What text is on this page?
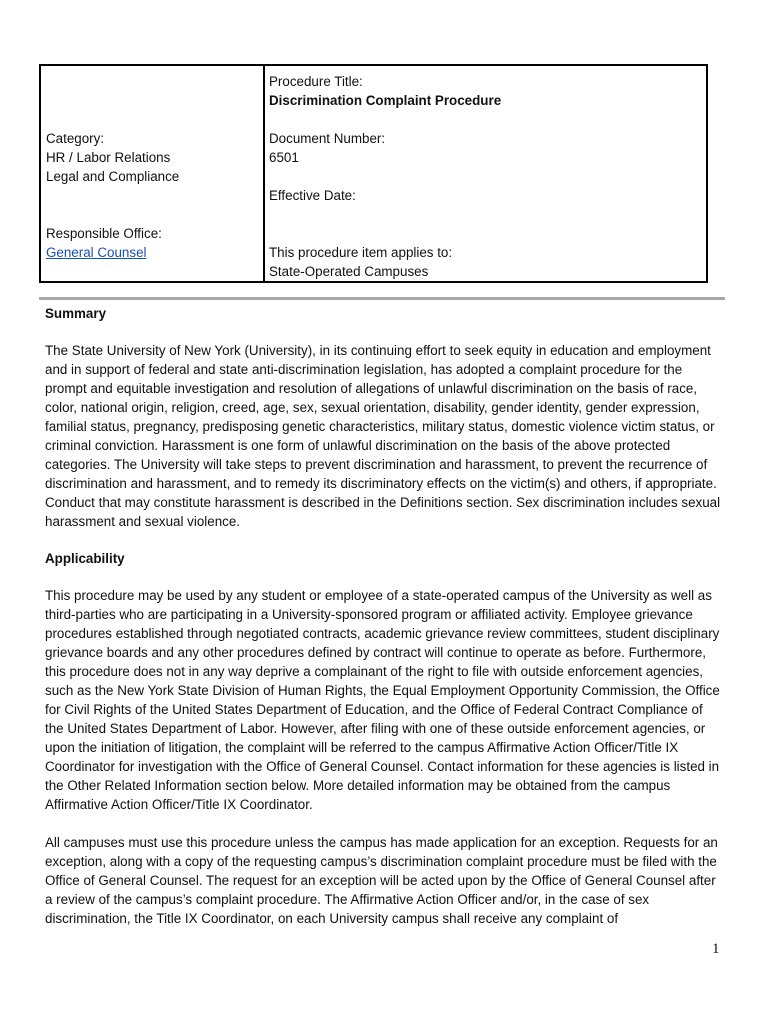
Category:
HR / Labor Relations
Legal and Compliance
Responsible Office:
General Counsel
Procedure Title:
Discrimination Complaint Procedure
Document Number:
6501
Effective Date:
This procedure item applies to:
State-Operated Campuses
Summary

The State University of New York (University), in its continuing effort to seek equity in education and employment and in support of federal and state anti-discrimination legislation, has adopted a complaint procedure for the prompt and equitable investigation and resolution of allegations of unlawful discrimination on the basis of race, color, national origin, religion, creed, age, sex, sexual orientation, disability, gender identity, gender expression, familial status, pregnancy, predisposing genetic characteristics, military status, domestic violence victim status, or criminal conviction. Harassment is one form of unlawful discrimination on the basis of the above protected categories. The University will take steps to prevent discrimination and harassment, to prevent the recurrence of discrimination and harassment, and to remedy its discriminatory effects on the victim(s) and others, if appropriate. Conduct that may constitute harassment is described in the Definitions section. Sex discrimination includes sexual harassment and sexual violence.

Applicability

This procedure may be used by any student or employee of a state-operated campus of the University as well as third-parties who are participating in a University-sponsored program or affiliated activity. Employee grievance procedures established through negotiated contracts, academic grievance review committees, student disciplinary grievance boards and any other procedures defined by contract will continue to operate as before. Furthermore, this procedure does not in any way deprive a complainant of the right to file with outside enforcement agencies, such as the New York State Division of Human Rights, the Equal Employment Opportunity Commission, the Office for Civil Rights of the United States Department of Education, and the Office of Federal Contract Compliance of the United States Department of Labor. However, after filing with one of these outside enforcement agencies, or upon the initiation of litigation, the complaint will be referred to the campus Affirmative Action Officer/Title IX Coordinator for investigation with the Office of General Counsel. Contact information for these agencies is listed in the Other Related Information section below. More detailed information may be obtained from the campus Affirmative Action Officer/Title IX Coordinator.

All campuses must use this procedure unless the campus has made application for an exception. Requests for an exception, along with a copy of the requesting campus’s discrimination complaint procedure must be filed with the Office of General Counsel. The request for an exception will be acted upon by the Office of General Counsel after a review of the campus’s complaint procedure. The Affirmative Action Officer and/or, in the case of sex discrimination, the Title IX Coordinator, on each University campus shall receive any complaint of

1
